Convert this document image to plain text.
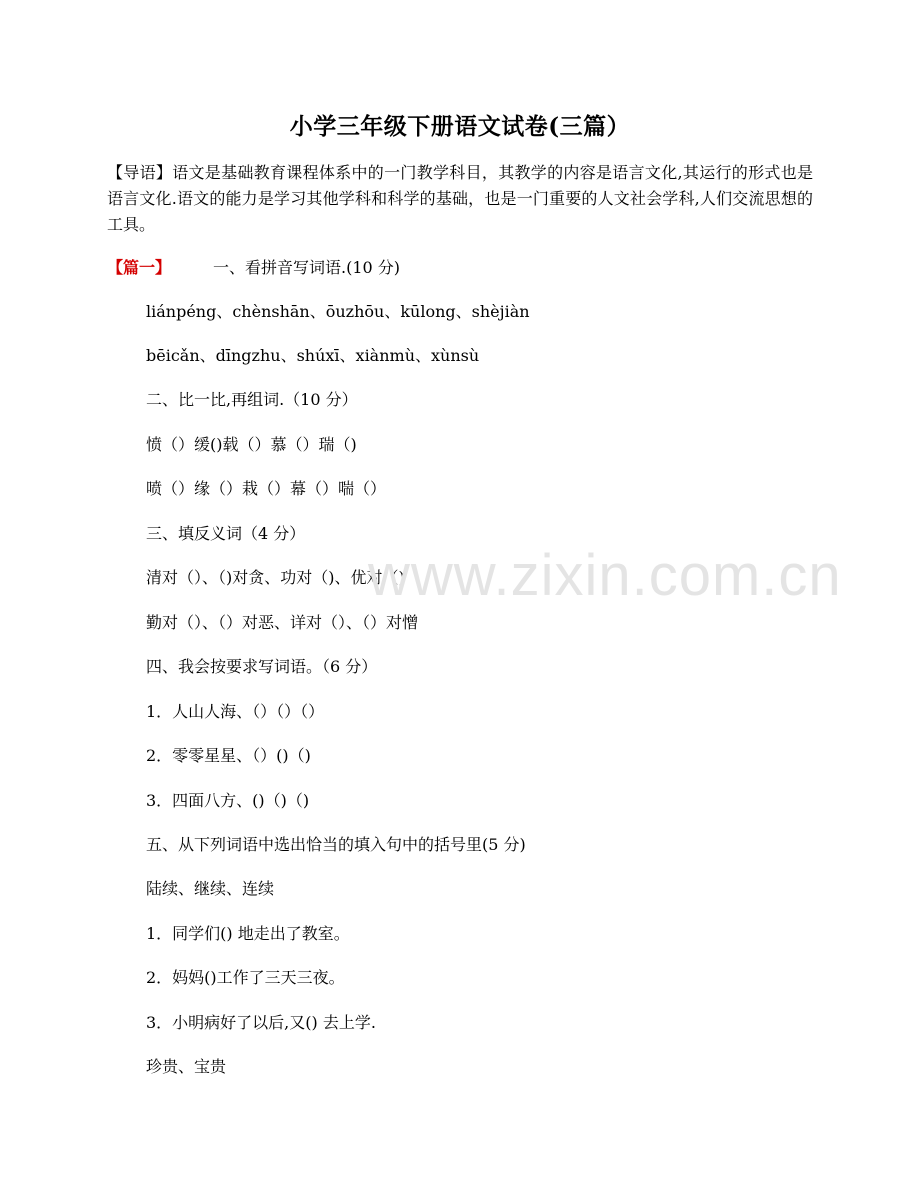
小学三年级下册语文试卷(三篇）
【导语】语文是基础教育课程体系中的一门教学科目，其教学的内容是语言文化,其运行的形式也是语言文化.语文的能力是学习其他学科和科学的基础，也是一门重要的人文社会学科,人们交流思想的工具。
【篇一】	一、看拼音写词语.(10 分)
liánpéng、chènshān、ōuzhōu、kūlong、shèjiàn
bēicǎn、dīngzhu、shúxī、xiànmù、xùnsù
二、比一比,再组词.（10 分）
愤（）缓()载（）慕（）瑞（)
喷（）缘（）栽（）幕（）喘（）
三、填反义词（4 分）
清对（）、（)对贪、功对（)、优对（)
勤对（）、（）对恶、详对（）、（）对憎
四、我会按要求写词语。（6 分）
1．人山人海、（）（）（）
2．零零星星、（）()（)
3．四面八方、()（)（)
五、从下列词语中选出恰当的填入句中的括号里(5 分)
陆续、继续、连续
1．同学们() 地走出了教室。
2．妈妈()工作了三天三夜。
3．小明病好了以后,又() 去上学.
珍贵、宝贵
www.zixin.com.cn
